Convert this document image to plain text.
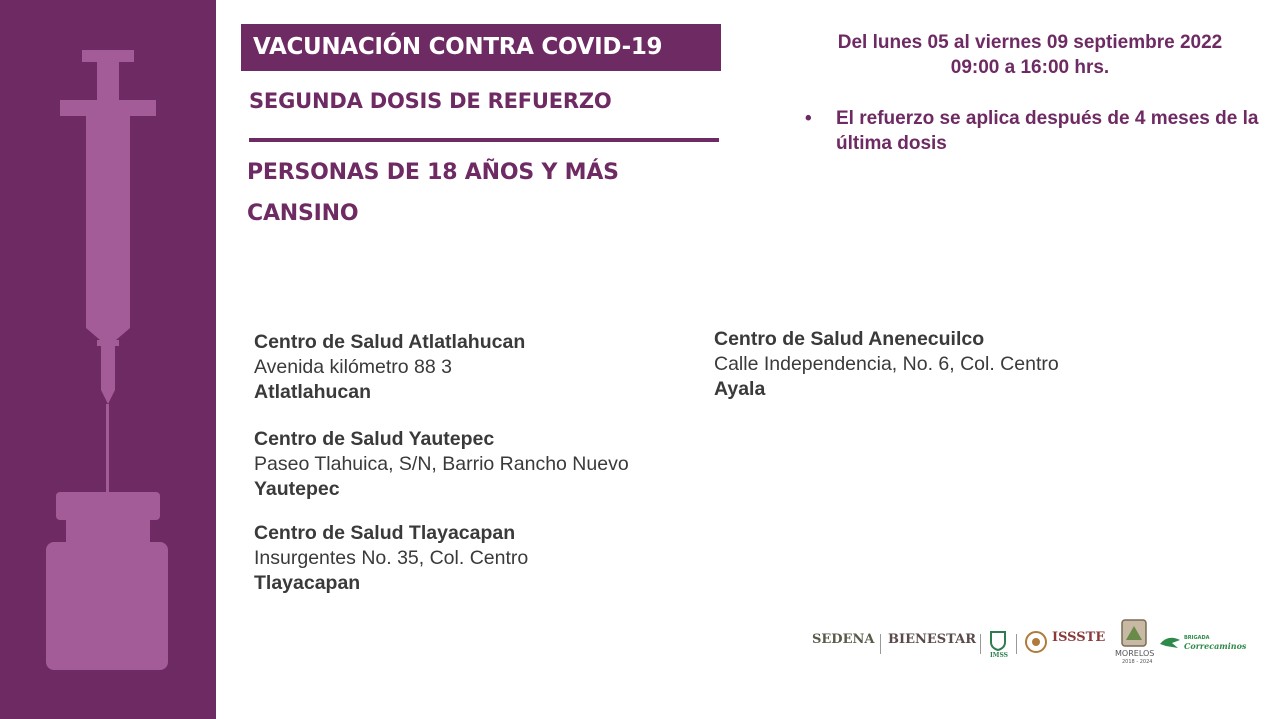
VACUNACIÓN CONTRA COVID-19
SEGUNDA DOSIS DE REFUERZO
PERSONAS DE 18 AÑOS Y MÁS
CANSINO
Del lunes 05 al viernes 09 septiembre 2022
09:00 a 16:00 hrs.
•	El refuerzo se aplica después de 4 meses de la última dosis
Centro de Salud Atlatlahucan
Avenida kilómetro 88 3
Atlatlahucan
Centro de Salud Yautepec
Paseo Tlahuica, S/N, Barrio Rancho Nuevo
Yautepec
Centro de Salud Tlayacapan
Insurgentes No. 35, Col. Centro
Tlayacapan
Centro de Salud Anenecuilco
Calle Independencia, No. 6, Col. Centro
Ayala
SEDENA BIENESTAR
IMSS
ISSSTE
MORELOS
2018 - 2024
BRIGADA
Correcaminos
